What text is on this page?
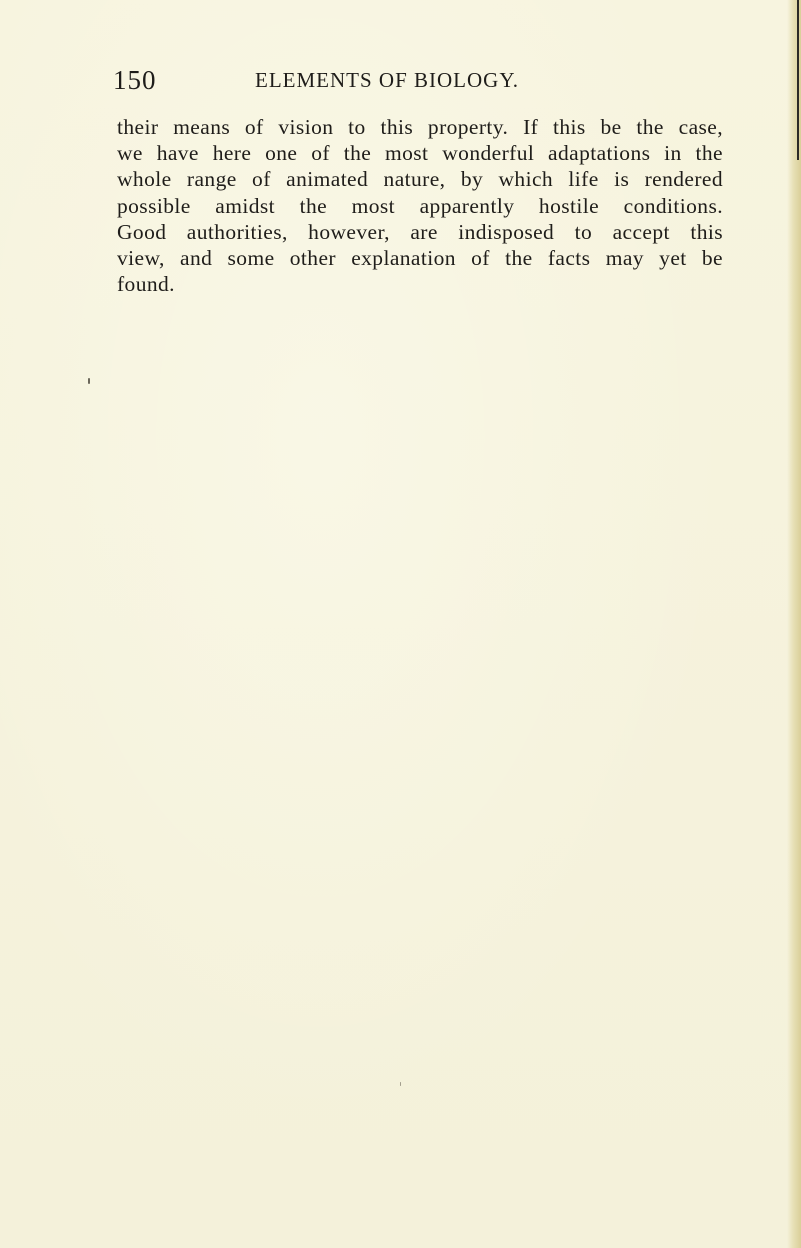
150	ELEMENTS OF BIOLOGY.
their means of vision to this property. If this be the case,
we have here one of the most wonderful adaptations in the
whole range of animated nature, by which life is rendered
possible amidst the most apparently hostile conditions.
Good authorities, however, are indisposed to accept this
view, and some other explanation of the facts may yet be
found.
